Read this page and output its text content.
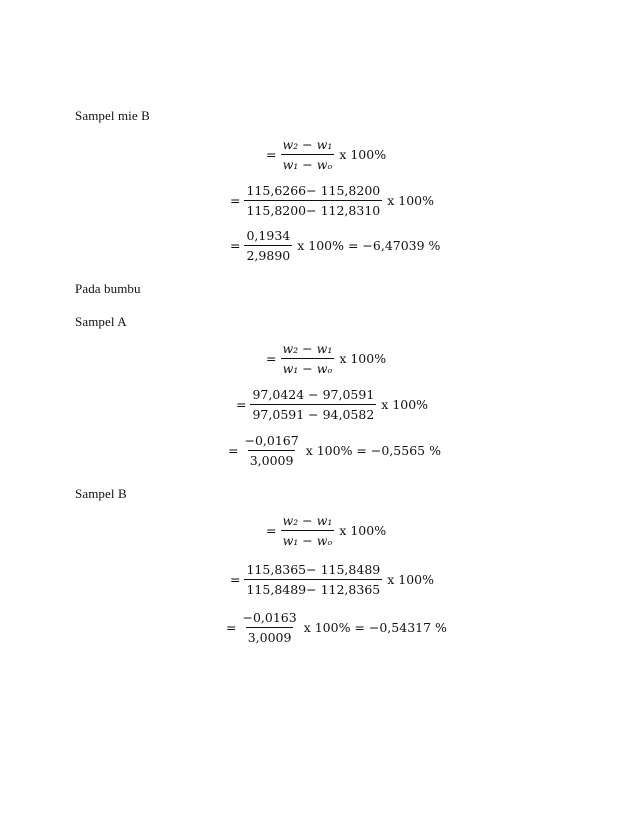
Sampel mie B
= $\frac{\text{w₂ − w₁}}{\text{w₁ − wₒ}}$ x 100%
= $\frac{115,6266- 115,8200}{115,8200- 112,8310}$ x 100%
= $\frac{0,1934}{2,9890}$ x 100% = −6,47039 %
Pada bumbu
Sampel A
= $\frac{\text{w₂ − w₁}}{\text{w₁ − wₒ}}$ x 100%
= $\frac{97,0424 - 97,0591}{97,0591 - 94,0582}$ x 100%
= $\frac{-0,0167}{3,0009}$ x 100% = −0,5565 %
Sampel B
= $\frac{\text{w₂ − w₁}}{\text{w₁ − wₒ}}$ x 100%
= $\frac{115,8365- 115,8489}{115,8489- 112,8365}$ x 100%
= $\frac{-0,0163}{3,0009}$ x 100% = −0,54317 %
